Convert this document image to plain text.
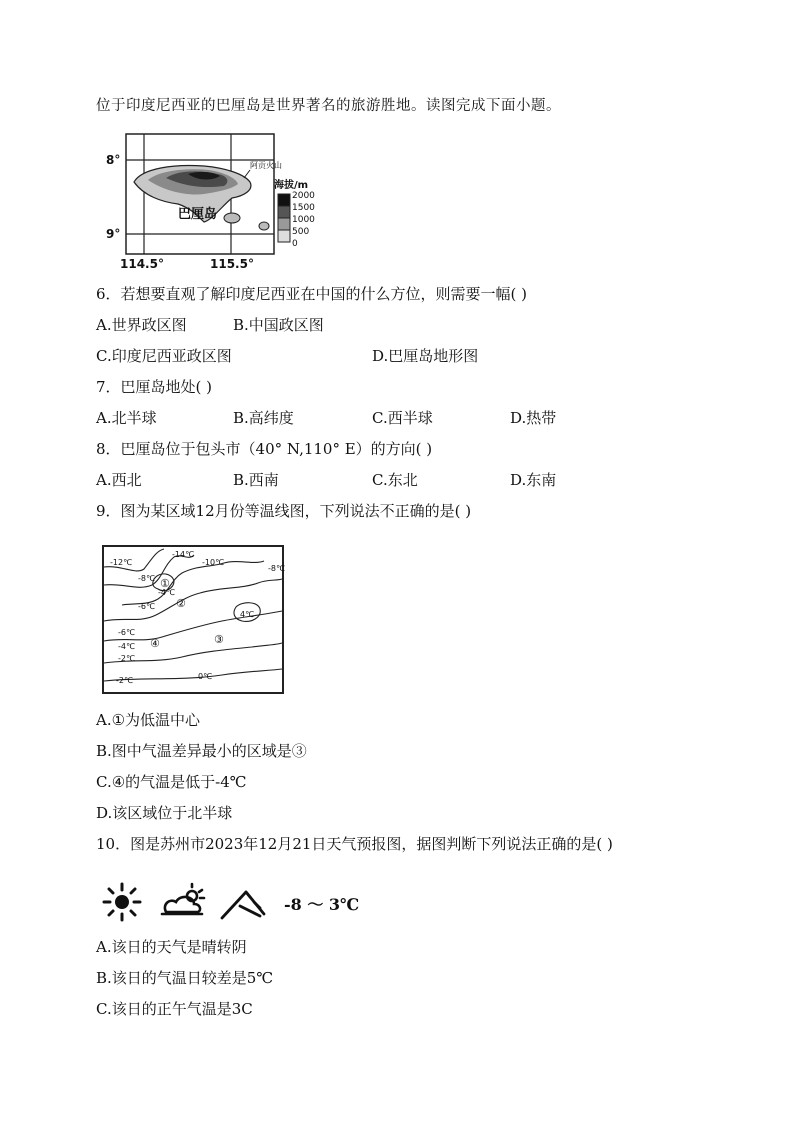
位于印度尼西亚的巴厘岛是世界著名的旅游胜地。读图完成下面小题。
8°
9°
114.5°	115.5°
巴厘岛
阿贡火山
海拔/m
2000
1500
1000
500
0
6．若想要直观了解印度尼西亚在中国的什么方位，则需要一幅( )
A.世界政区图	B.中国政区图
C.印度尼西亚政区图	D.巴厘岛地形图
7．巴厘岛地处( )
A.北半球	B.高纬度	C.西半球	D.热带
8．巴厘岛位于包头市（40° N,110° E）的方向( )
A.西北	B.西南	C.东北	D.东南
9．图为某区域12月份等温线图，下列说法不正确的是( )
-12℃
-14℃
-10℃
-8℃
-6℃
-4℃
-2℃	0℃
4℃
-2℃
-4℃
-6℃
-8℃ ①
②
③
④
A.①为低温中心
B.图中气温差异最小的区域是③
C.④的气温是低于-4℃
D.该区域位于北半球
10．图是苏州市2023年12月21日天气预报图，据图判断下列说法正确的是( )
-8 ～ 3℃
A.该日的天气是晴转阴
B.该日的气温日较差是5℃
C.该日的正午气温是3C
